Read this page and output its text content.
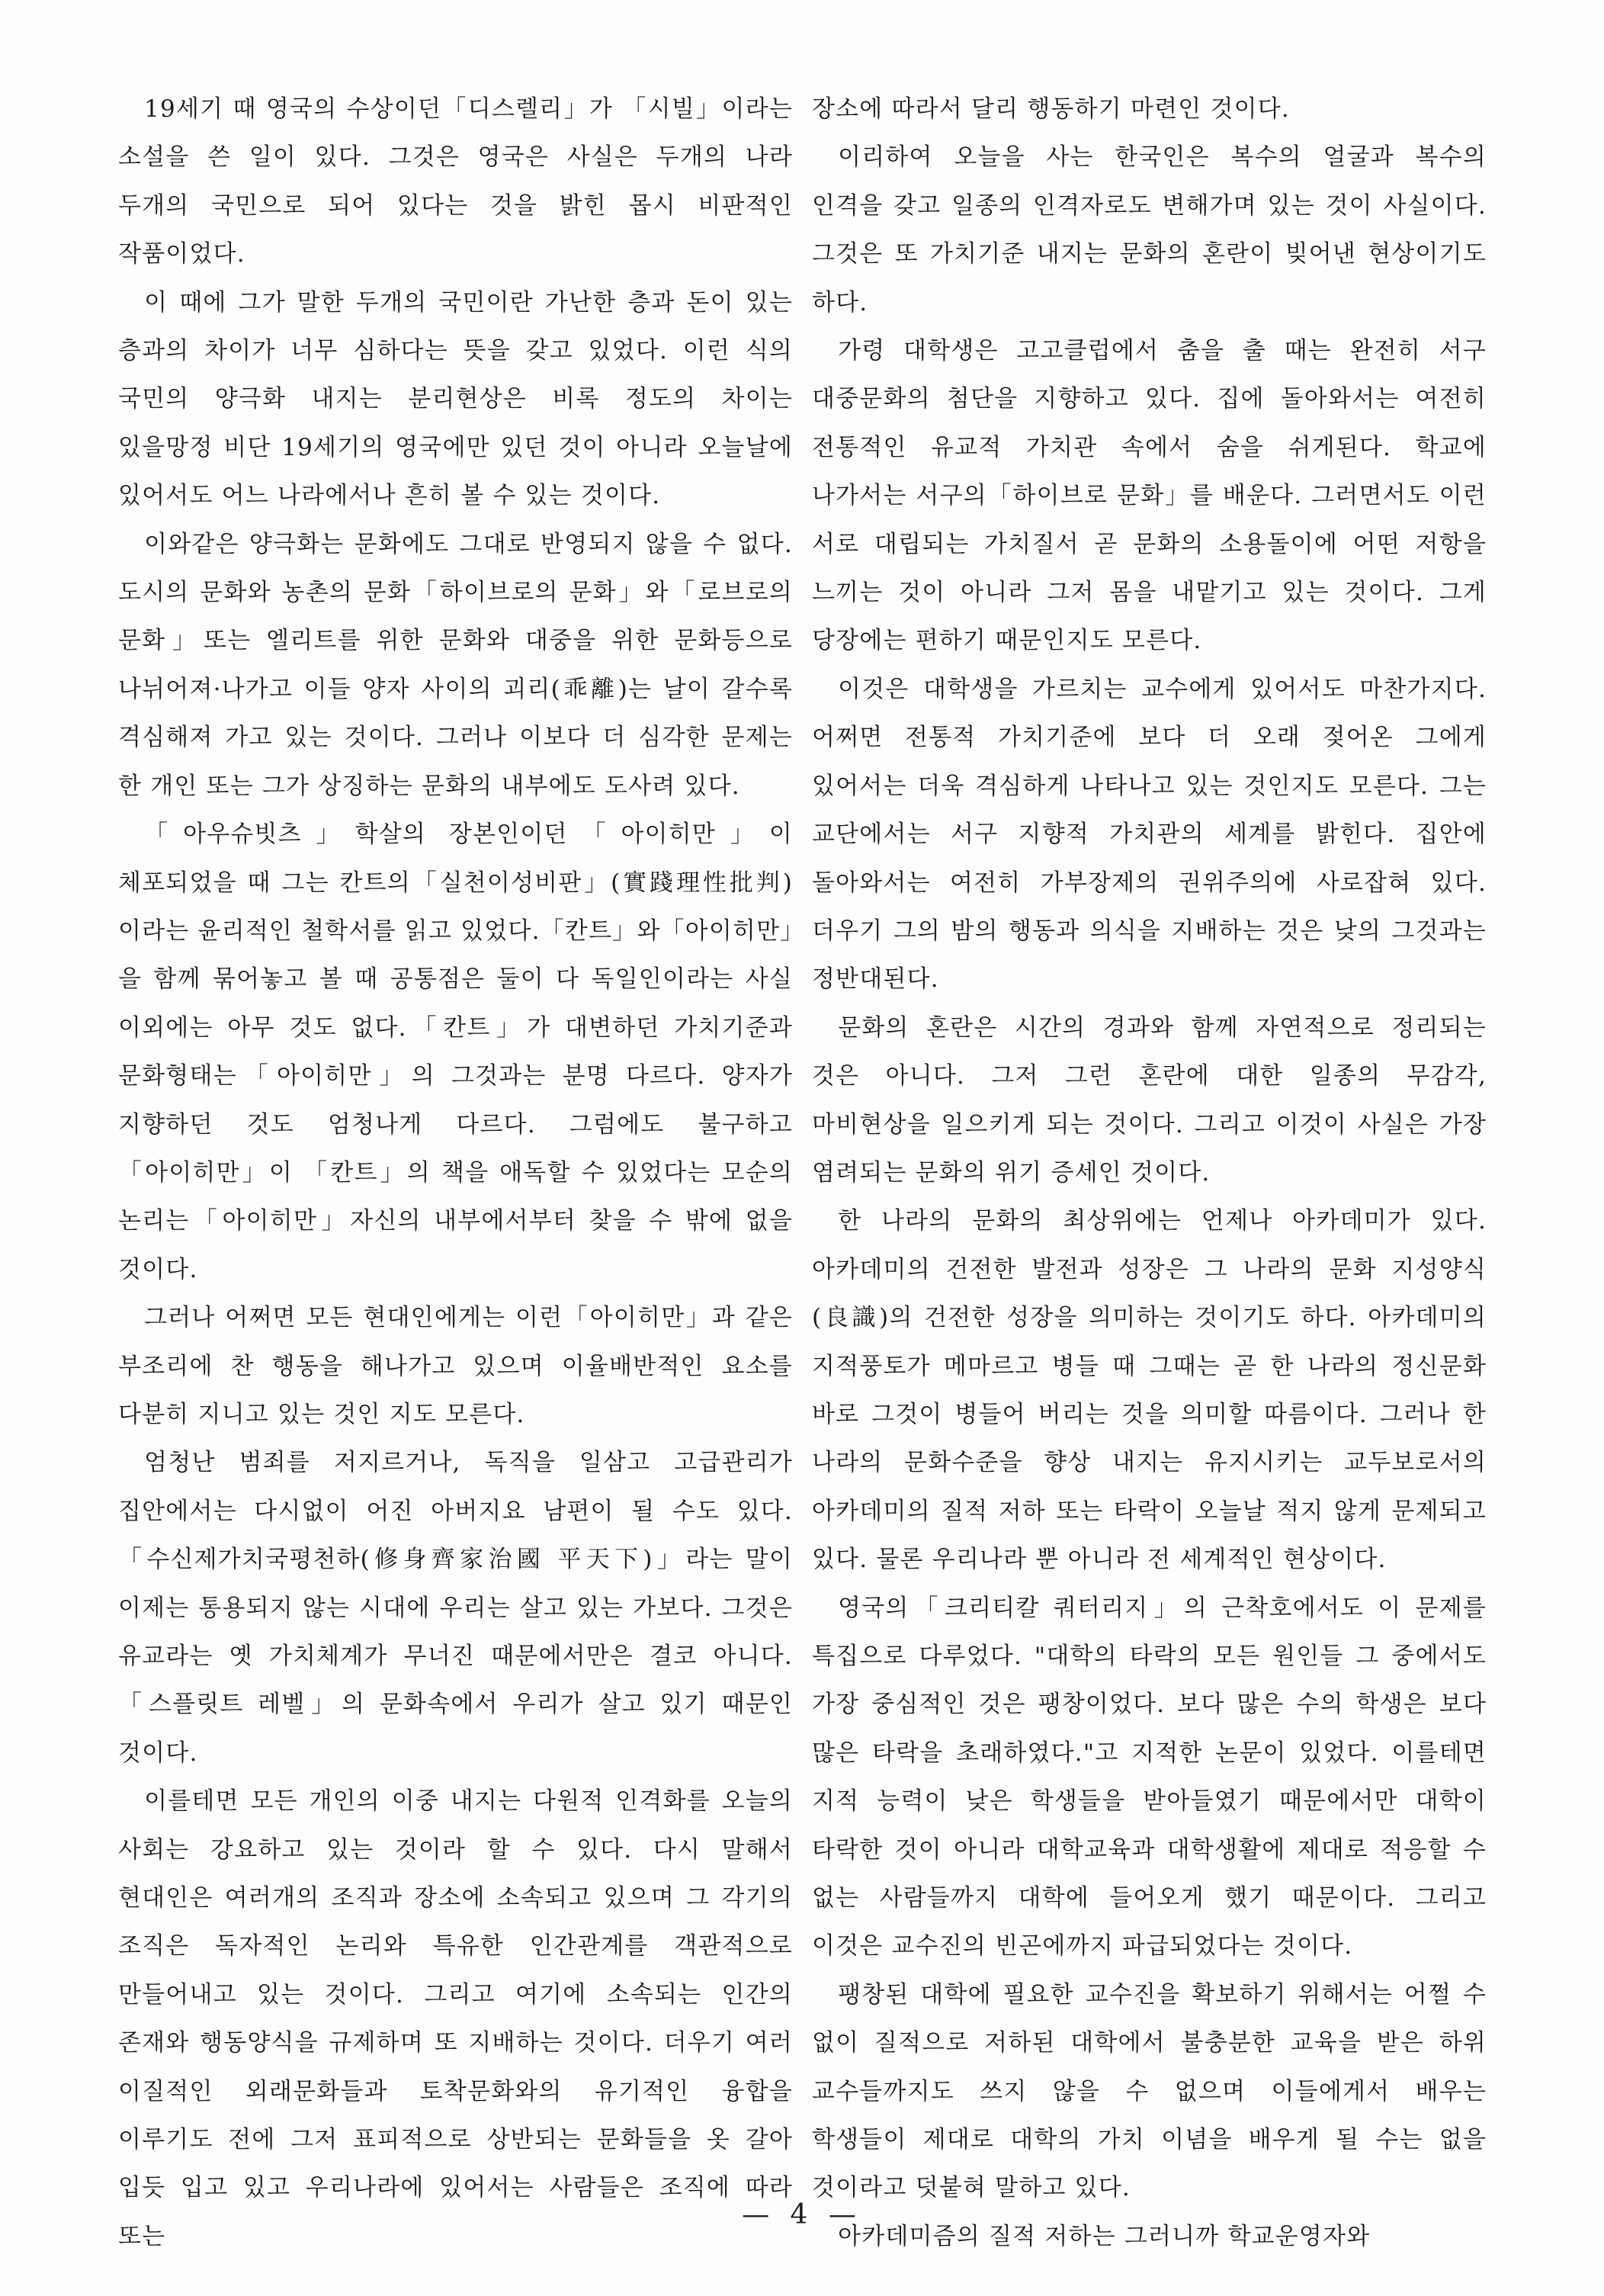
19세기 때 영국의 수상이던「디스렐리」가 「시빌」이라는 소설을 쓴 일이 있다. 그것은 영국은 사실은 두개의 나라 두개의 국민으로 되어 있다는 것을 밝힌 몹시 비판적인 작품이었다.

이 때에 그가 말한 두개의 국민이란 가난한 층과 돈이 있는 층과의 차이가 너무 심하다는 뜻을 갖고 있었다. 이런 식의 국민의 양극화 내지는 분리현상은 비록 정도의 차이는 있을망정 비단 19세기의 영국에만 있던 것이 아니라 오늘날에 있어서도 어느 나라에서나 흔히 볼 수 있는 것이다.

이와같은 양극화는 문화에도 그대로 반영되지 않을 수 없다. 도시의 문화와 농촌의 문화「하이브로의 문화」와「로브로의 문화」또는 엘리트를 위한 문화와 대중을 위한 문화등으로 나뉘어져·나가고 이들 양자 사이의 괴리(乖離)는 날이 갈수록 격심해져 가고 있는 것이다. 그러나 이보다 더 심각한 문제는 한 개인 또는 그가 상징하는 문화의 내부에도 도사려 있다.

「아우슈빗츠」학살의 장본인이던「아이히만」이 체포되었을 때 그는 칸트의「실천이성비판」(實踐理性批判)이라는 윤리적인 철학서를 읽고 있었다.「칸트」와「아이히만」을 함께 묶어놓고 볼 때 공통점은 둘이 다 독일인이라는 사실 이외에는 아무 것도 없다.「칸트」가 대변하던 가치기준과 문화형태는「아이히만」의 그것과는 분명 다르다. 양자가 지향하던 것도 엄청나게 다르다. 그럼에도 불구하고「아이히만」이 「칸트」의 책을 애독할 수 있었다는 모순의 논리는「아이히만」자신의 내부에서부터 찾을 수 밖에 없을 것이다.

그러나 어쩌면 모든 현대인에게는 이런「아이히만」과 같은 부조리에 찬 행동을 해나가고 있으며 이율배반적인 요소를 다분히 지니고 있는 것인 지도 모른다.

엄청난 범죄를 저지르거나, 독직을 일삼고 고급관리가 집안에서는 다시없이 어진 아버지요 남편이 될 수도 있다.「수신제가치국평천하(修身齊家治國 平天下)」라는 말이 이제는 통용되지 않는 시대에 우리는 살고 있는 가보다. 그것은 유교라는 옛 가치체계가 무너진 때문에서만은 결코 아니다.「스플릿트 레벨」의 문화속에서 우리가 살고 있기 때문인 것이다.

이를테면 모든 개인의 이중 내지는 다원적 인격화를 오늘의 사회는 강요하고 있는 것이라 할 수 있다. 다시 말해서 현대인은 여러개의 조직과 장소에 소속되고 있으며 그 각기의 조직은 독자적인 논리와 특유한 인간관계를 객관적으로 만들어내고 있는 것이다. 그리고 여기에 소속되는 인간의 존재와 행동양식을 규제하며 또 지배하는 것이다. 더우기 여러 이질적인 외래문화들과 토착문화와의 유기적인 융합을 이루기도 전에 그저 표피적으로 상반되는 문화들을 옷 갈아 입듯 입고 있고 우리나라에 있어서는 사람들은 조직에 따라 또는

장소에 따라서 달리 행동하기 마련인 것이다.

이리하여 오늘을 사는 한국인은 복수의 얼굴과 복수의 인격을 갖고 일종의 인격자로도 변해가며 있는 것이 사실이다. 그것은 또 가치기준 내지는 문화의 혼란이 빚어낸 현상이기도 하다.

가령 대학생은 고고클럽에서 춤을 출 때는 완전히 서구 대중문화의 첨단을 지향하고 있다. 집에 돌아와서는 여전히 전통적인 유교적 가치관 속에서 숨을 쉬게된다. 학교에 나가서는 서구의「하이브로 문화」를 배운다. 그러면서도 이런 서로 대립되는 가치질서 곧 문화의 소용돌이에 어떤 저항을 느끼는 것이 아니라 그저 몸을 내맡기고 있는 것이다. 그게 당장에는 편하기 때문인지도 모른다.

이것은 대학생을 가르치는 교수에게 있어서도 마찬가지다. 어쩌면 전통적 가치기준에 보다 더 오래 젖어온 그에게 있어서는 더욱 격심하게 나타나고 있는 것인지도 모른다. 그는 교단에서는 서구 지향적 가치관의 세계를 밝힌다. 집안에 돌아와서는 여전히 가부장제의 권위주의에 사로잡혀 있다. 더우기 그의 밤의 행동과 의식을 지배하는 것은 낮의 그것과는 정반대된다.

문화의 혼란은 시간의 경과와 함께 자연적으로 정리되는 것은 아니다. 그저 그런 혼란에 대한 일종의 무감각, 마비현상을 일으키게 되는 것이다. 그리고 이것이 사실은 가장 염려되는 문화의 위기 증세인 것이다.

한 나라의 문화의 최상위에는 언제나 아카데미가 있다. 아카데미의 건전한 발전과 성장은 그 나라의 문화 지성양식(良識)의 건전한 성장을 의미하는 것이기도 하다. 아카데미의 지적풍토가 메마르고 병들 때 그때는 곧 한 나라의 정신문화 바로 그것이 병들어 버리는 것을 의미할 따름이다. 그러나 한 나라의 문화수준을 향상 내지는 유지시키는 교두보로서의 아카데미의 질적 저하 또는 타락이 오늘날 적지 않게 문제되고 있다. 물론 우리나라 뿐 아니라 전 세계적인 현상이다.

영국의「크리티칼 쿼터리지」의 근착호에서도 이 문제를 특집으로 다루었다. "대학의 타락의 모든 원인들 그 중에서도 가장 중심적인 것은 팽창이었다. 보다 많은 수의 학생은 보다 많은 타락을 초래하였다."고 지적한 논문이 있었다. 이를테면 지적 능력이 낮은 학생들을 받아들였기 때문에서만 대학이 타락한 것이 아니라 대학교육과 대학생활에 제대로 적응할 수 없는 사람들까지 대학에 들어오게 했기 때문이다. 그리고 이것은 교수진의 빈곤에까지 파급되었다는 것이다.

팽창된 대학에 필요한 교수진을 확보하기 위해서는 어쩔 수 없이 질적으로 저하된 대학에서 불충분한 교육을 받은 하위 교수들까지도 쓰지 않을 수 없으며 이들에게서 배우는 학생들이 제대로 대학의 가치 이념을 배우게 될 수는 없을 것이라고 덧붙혀 말하고 있다.

아카데미즘의 질적 저하는 그러니까 학교운영자와

— 4 —
